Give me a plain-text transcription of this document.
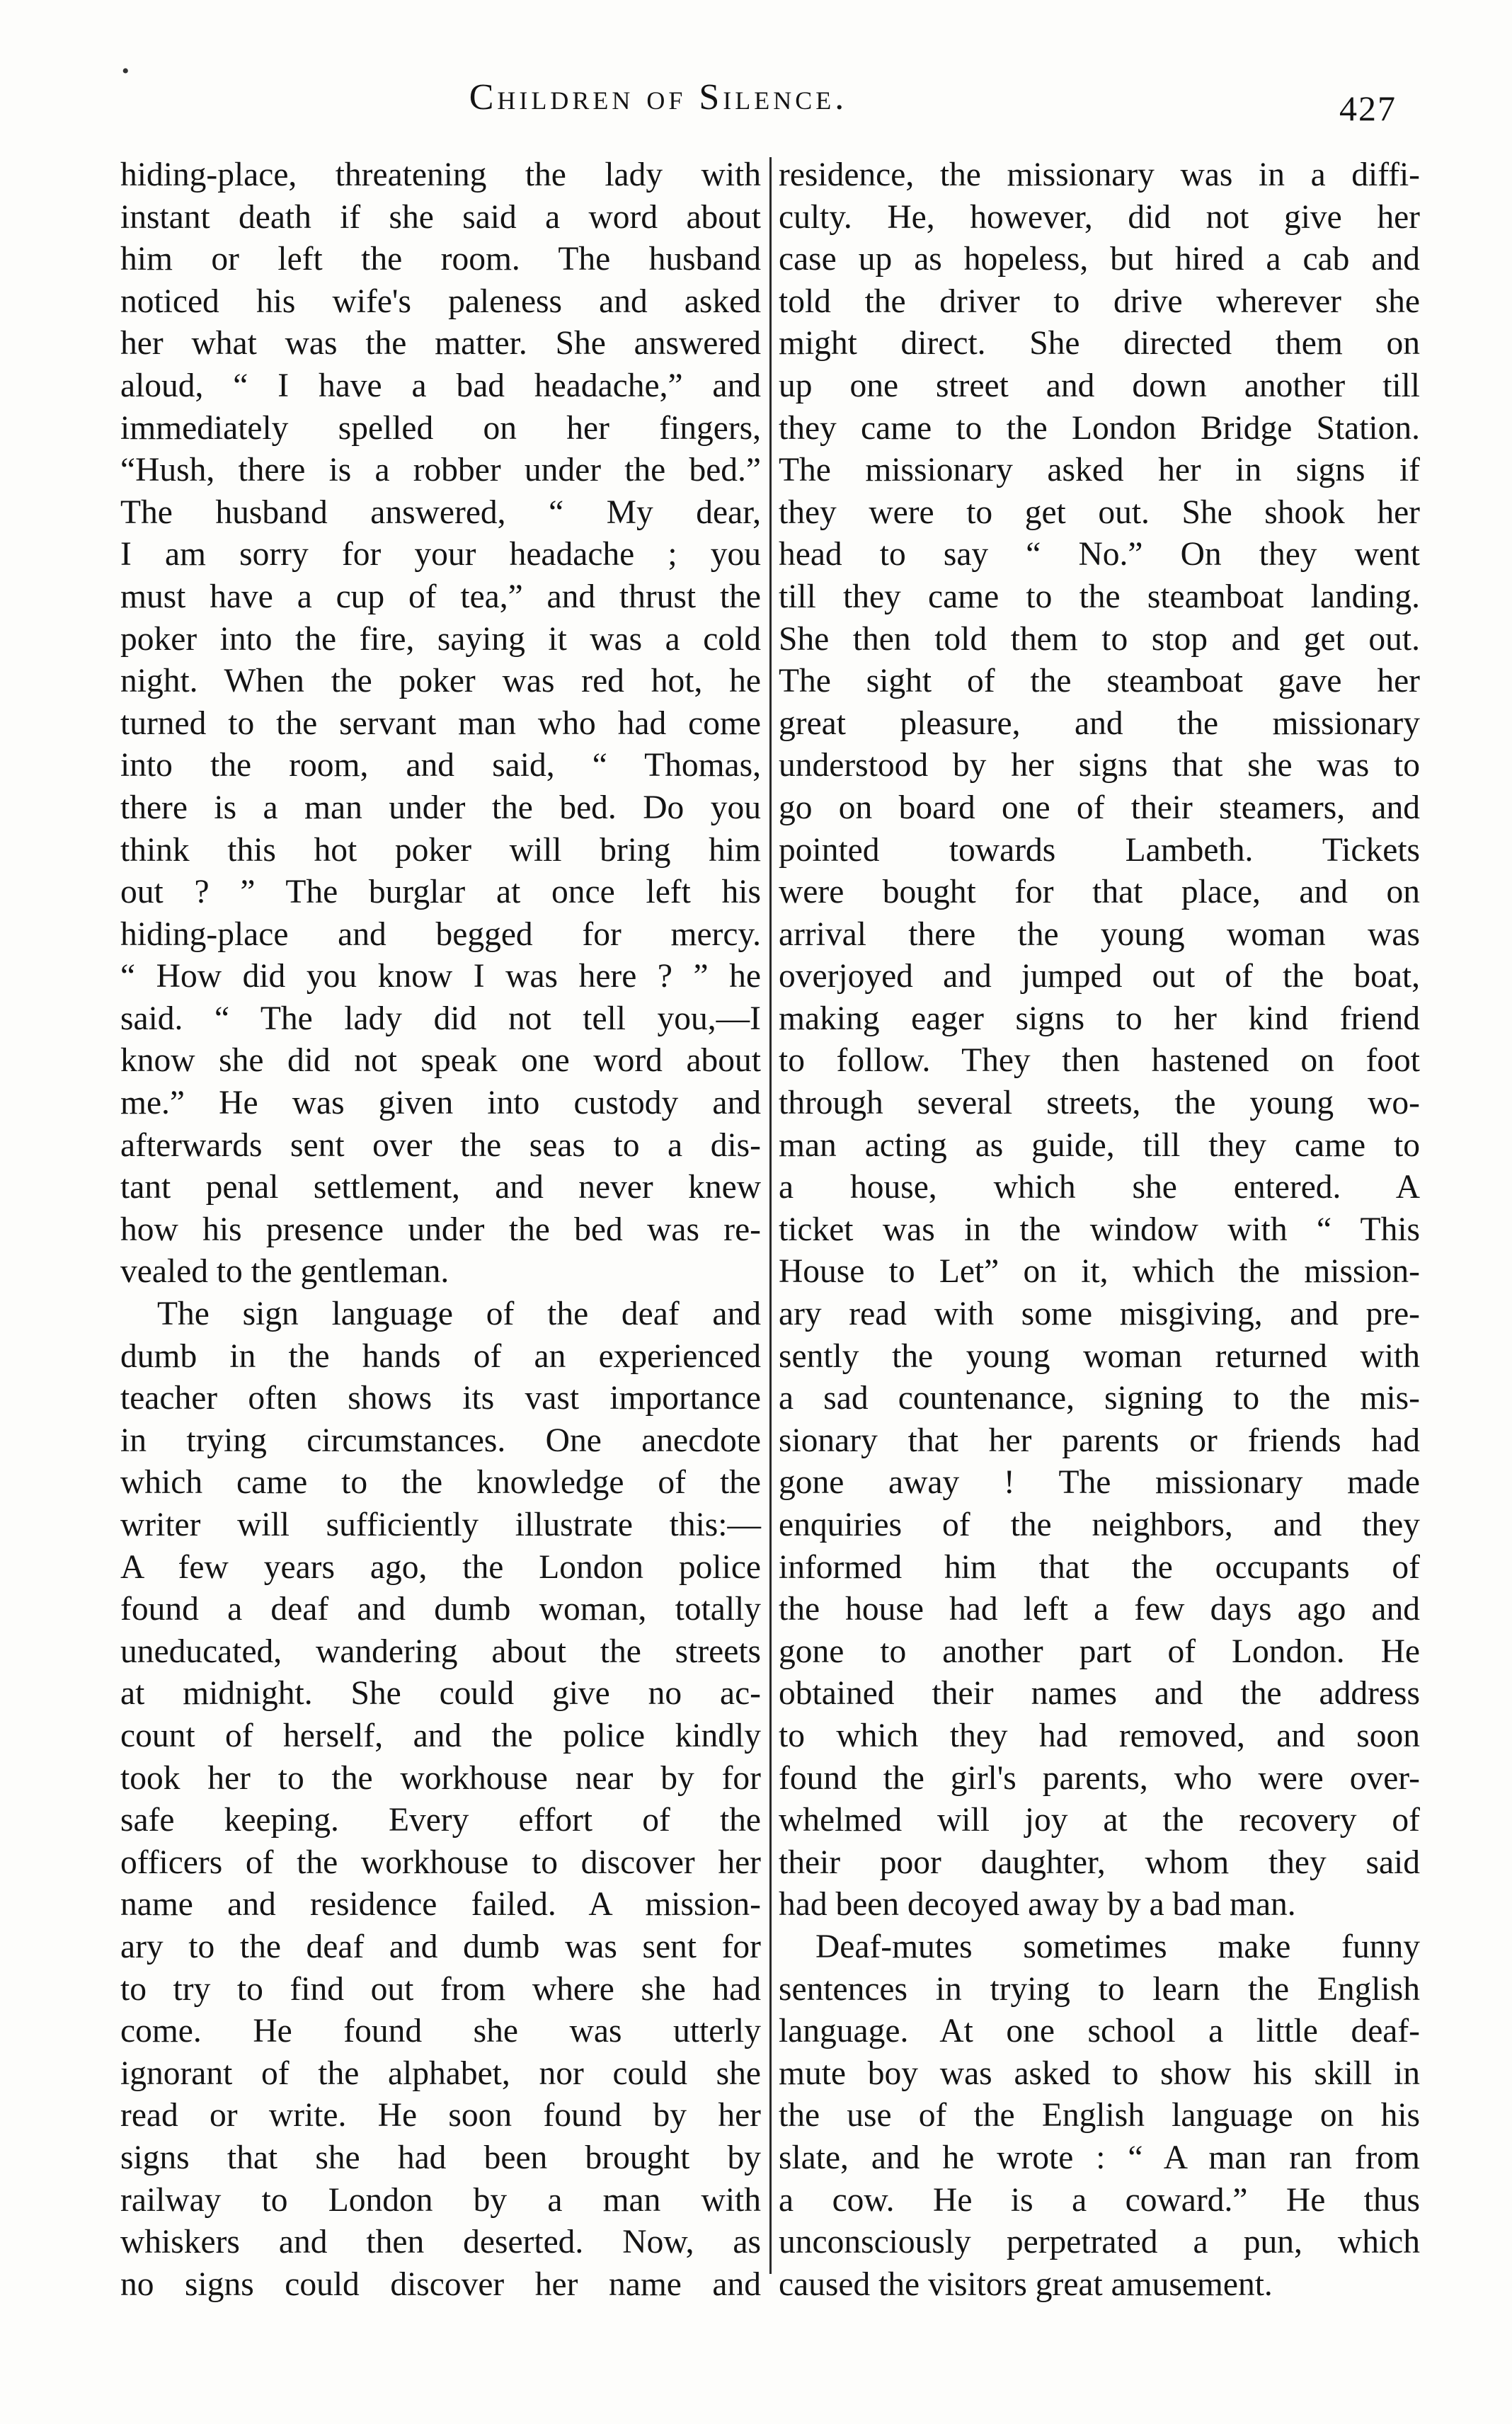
•
Children of Silence.	427
hiding-place, threatening the lady with
instant death if she said a word about
him or left the room. The husband
noticed his wife's paleness and asked
her what was the matter. She answered
aloud, “ I have a bad headache,” and
immediately spelled on her fingers,
“Hush, there is a robber under the bed.”
The husband answered, “ My dear,
I am sorry for your headache ; you
must have a cup of tea,” and thrust the
poker into the fire, saying it was a cold
night. When the poker was red hot, he
turned to the servant man who had come
into the room, and said, “ Thomas,
there is a man under the bed. Do you
think this hot poker will bring him
out ? ” The burglar at once left his
hiding-place and begged for mercy.
“ How did you know I was here ? ” he
said. “ The lady did not tell you,—I
know she did not speak one word about
me.” He was given into custody and
afterwards sent over the seas to a dis-
tant penal settlement, and never knew
how his presence under the bed was re-
vealed to the gentleman.
The sign language of the deaf and
dumb in the hands of an experienced
teacher often shows its vast importance
in trying circumstances. One anecdote
which came to the knowledge of the
writer will sufficiently illustrate this:—
A few years ago, the London police
found a deaf and dumb woman, totally
uneducated, wandering about the streets
at midnight. She could give no ac-
count of herself, and the police kindly
took her to the workhouse near by for
safe keeping. Every effort of the
officers of the workhouse to discover her
name and residence failed. A mission-
ary to the deaf and dumb was sent for
to try to find out from where she had
come. He found she was utterly
ignorant of the alphabet, nor could she
read or write. He soon found by her
signs that she had been brought by
railway to London by a man with
whiskers and then deserted. Now, as
no signs could discover her name and
residence, the missionary was in a diffi-
culty. He, however, did not give her
case up as hopeless, but hired a cab and
told the driver to drive wherever she
might direct. She directed them on
up one street and down another till
they came to the London Bridge Station.
The missionary asked her in signs if
they were to get out. She shook her
head to say “ No.” On they went
till they came to the steamboat landing.
She then told them to stop and get out.
The sight of the steamboat gave her
great pleasure, and the missionary
understood by her signs that she was to
go on board one of their steamers, and
pointed towards Lambeth. Tickets
were bought for that place, and on
arrival there the young woman was
overjoyed and jumped out of the boat,
making eager signs to her kind friend
to follow. They then hastened on foot
through several streets, the young wo-
man acting as guide, till they came to
a house, which she entered. A
ticket was in the window with “ This
House to Let” on it, which the mission-
ary read with some misgiving, and pre-
sently the young woman returned with
a sad countenance, signing to the mis-
sionary that her parents or friends had
gone away ! The missionary made
enquiries of the neighbors, and they
informed him that the occupants of
the house had left a few days ago and
gone to another part of London. He
obtained their names and the address
to which they had removed, and soon
found the girl's parents, who were over-
whelmed will joy at the recovery of
their poor daughter, whom they said
had been decoyed away by a bad man.
Deaf-mutes sometimes make funny
sentences in trying to learn the English
language. At one school a little deaf-
mute boy was asked to show his skill in
the use of the English language on his
slate, and he wrote : “ A man ran from
a cow. He is a coward.” He thus
unconsciously perpetrated a pun, which
caused the visitors great amusement.
